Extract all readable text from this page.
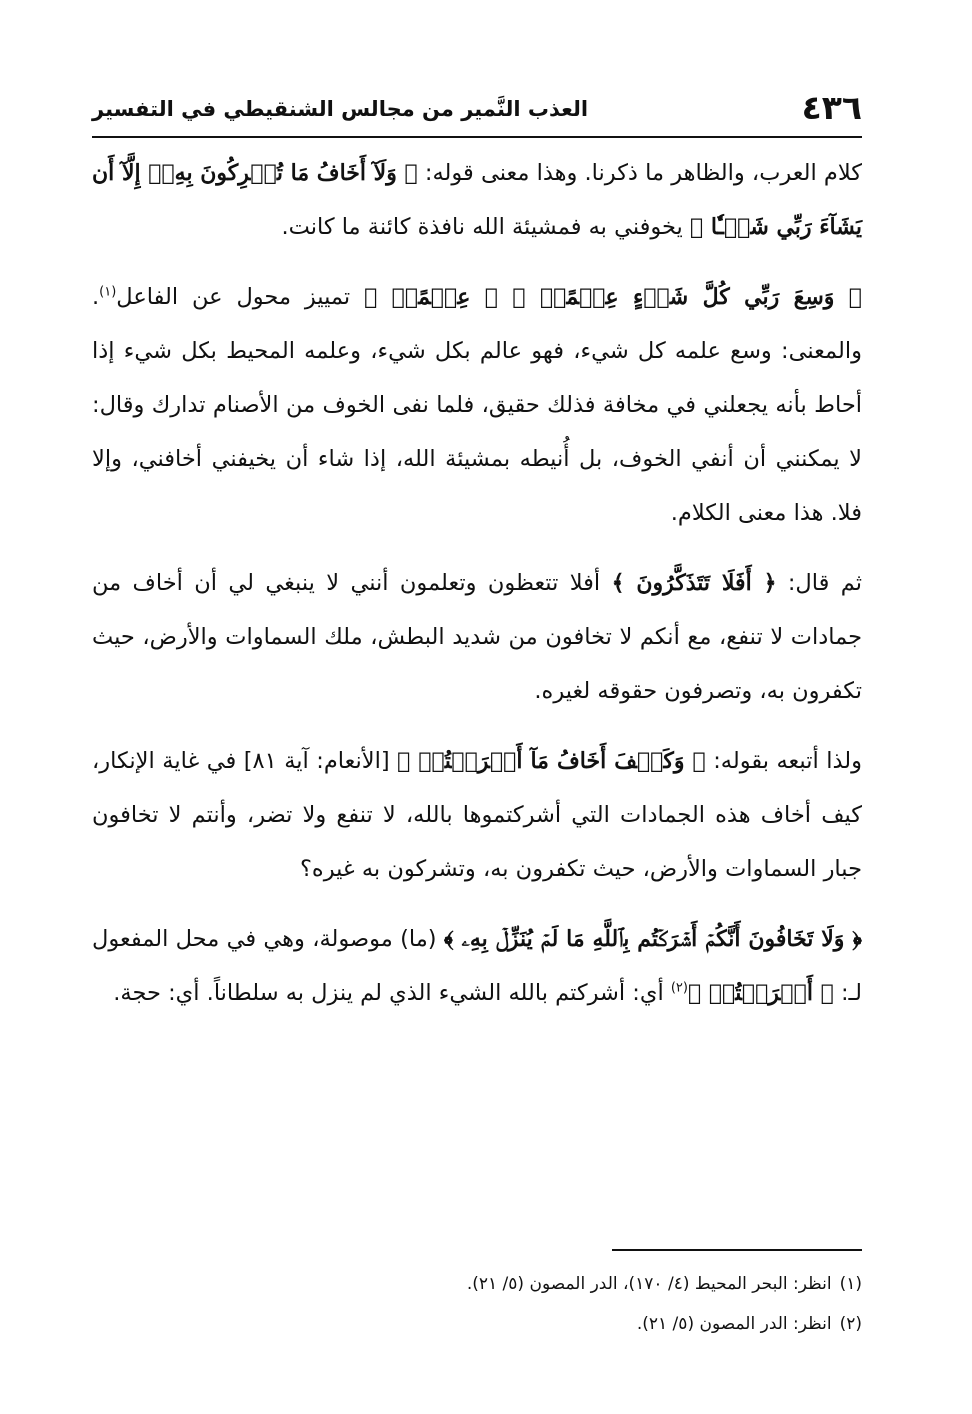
٤٣٦
العذب النَّمير من مجالس الشنقيطي في التفسير

كلام العرب، والظاهر ما ذكرنا. وهذا معنى قوله: ﴿ وَلَآ أَخَافُ مَا تُشۡرِكُونَ بِهِۦٓ إِلَّآ أَن يَشَآءَ رَبِّي شَيۡـٔٗا ﴾ يخوفني به فمشيئة الله نافذة كائنة ما كانت.

﴿ وَسِعَ رَبِّي كُلَّ شَيۡءٍ عِلۡمًاۚ ﴾ ﴿ عِلۡمًاۚ ﴾ تمييز محول عن الفاعل$^{(١)}$. والمعنى: وسع علمه كل شيء، فهو عالم بكل شيء، وعلمه المحيط بكل شيء إذا أحاط بأنه يجعلني في مخافة فذلك حقيق، فلما نفى الخوف من الأصنام تدارك وقال: لا يمكنني أن أنفي الخوف، بل أُنيطه بمشيئة الله، إذا شاء أن يخيفني أخافني، وإلا فلا. هذا معنى الكلام.

ثم قال: ﴿ أَفَلَا تَتَذَكَّرُونَ ﴾ أفلا تتعظون وتعلمون أنني لا ينبغي لي أن أخاف من جمادات لا تنفع، مع أنكم لا تخافون من شديد البطش، ملك السماوات والأرض، حيث تكفرون به، وتصرفون حقوقه لغيره.

ولذا أتبعه بقوله: ﴿ وَكَيۡفَ أَخَافُ مَآ أَشۡرَكۡتُمۡ ﴾ [الأنعام: آية ٨١] في غاية الإنكار، كيف أخاف هذه الجمادات التي أشركتموها بالله، لا تنفع ولا تضر، وأنتم لا تخافون جبار السماوات والأرض، حيث تكفرون به، وتشركون به غيره؟

﴿ وَلَا تَخَافُونَ أَنَّكُمۡ أَشۡرَكۡتُم بِٱللَّهِ مَا لَمۡ يُنَزِّلۡ بِهِۦ ﴾ (ما) موصولة، وهي في محل المفعول لـ: ﴿ أَشۡرَكۡتُمۡ ﴾$^{(٢)}$ أي: أشركتم بالله الشيء الذي لم ينزل به سلطاناً. أي: حجة.

(١)انظر: البحر المحيط (٤/ ١٧٠)، الدر المصون (٥/ ٢١).
(٢)انظر: الدر المصون (٥/ ٢١).
